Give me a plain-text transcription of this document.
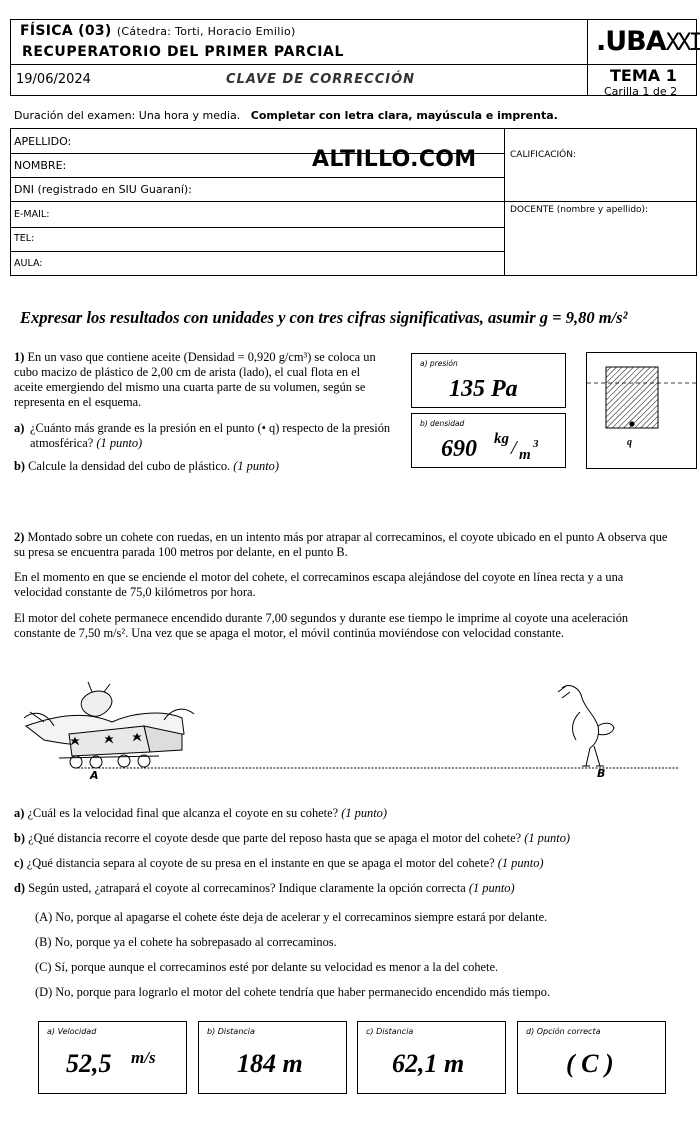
FÍSICA (03) (Cátedra: Torti, Horacio Emilio)
RECUPERATORIO DEL PRIMER PARCIAL
19/06/2024	CLAVE DE CORRECCIÓN
.UBAXXI
TEMA 1
Carilla 1 de 2
Duración del examen: Una hora y media. Completar con letra clara, mayúscula e imprenta.
APELLIDO:
NOMBRE:
DNI (registrado en SIU Guaraní):
E-MAIL:
TEL:
AULA:
CALIFICACIÓN:
DOCENTE (nombre y apellido):
ALTILLO.COM
Expresar los resultados con unidades y con tres cifras significativas, asumir g = 9,80 m/s²
1) En un vaso que contiene aceite (Densidad = 0,920 g/cm³) se coloca un cubo macizo de plástico de 2,00 cm de arista (lado), el cual flota en el aceite emergiendo del mismo una cuarta parte de su volumen, según se representa en el esquema.
a) ¿Cuánto más grande es la presión en el punto (• q) respecto de la presión atmosférica? (1 punto)
b) Calcule la densidad del cubo de plástico. (1 punto)
a) presión
135 Pa
b) densidad
690 kg / m
3	q
2) Montado sobre un cohete con ruedas, en un intento más por atrapar al correcaminos, el coyote ubicado en el punto A observa que su presa se encuentra parada 100 metros por delante, en el punto B.
En el momento en que se enciende el motor del cohete, el correcaminos escapa alejándose del coyote en línea recta y a una velocidad constante de 75,0 kilómetros por hora.
El motor del cohete permanece encendido durante 7,00 segundos y durante ese tiempo le imprime al coyote una aceleración constante de 7,50 m/s². Una vez que se apaga el motor, el móvil continúa moviéndose con velocidad constante.
A	B
a) ¿Cuál es la velocidad final que alcanza el coyote en su cohete? (1 punto)
b) ¿Qué distancia recorre el coyote desde que parte del reposo hasta que se apaga el motor del cohete? (1 punto)
c) ¿Qué distancia separa al coyote de su presa en el instante en que se apaga el motor del cohete? (1 punto)
d) Según usted, ¿atrapará el coyote al correcaminos? Indique claramente la opción correcta (1 punto)
(A) No, porque al apagarse el cohete éste deja de acelerar y el correcaminos siempre estará por delante.
(B) No, porque ya el cohete ha sobrepasado al correcaminos.
(C) Sí, porque aunque el correcaminos esté por delante su velocidad es menor a la del cohete.
(D) No, porque para lograrlo el motor del cohete tendría que haber permanecido encendido más tiempo.
a) Velocidad
52,5 m/s
b) Distancia
184 m
c) Distancia
62,1 m
d) Opción correcta
( C )
